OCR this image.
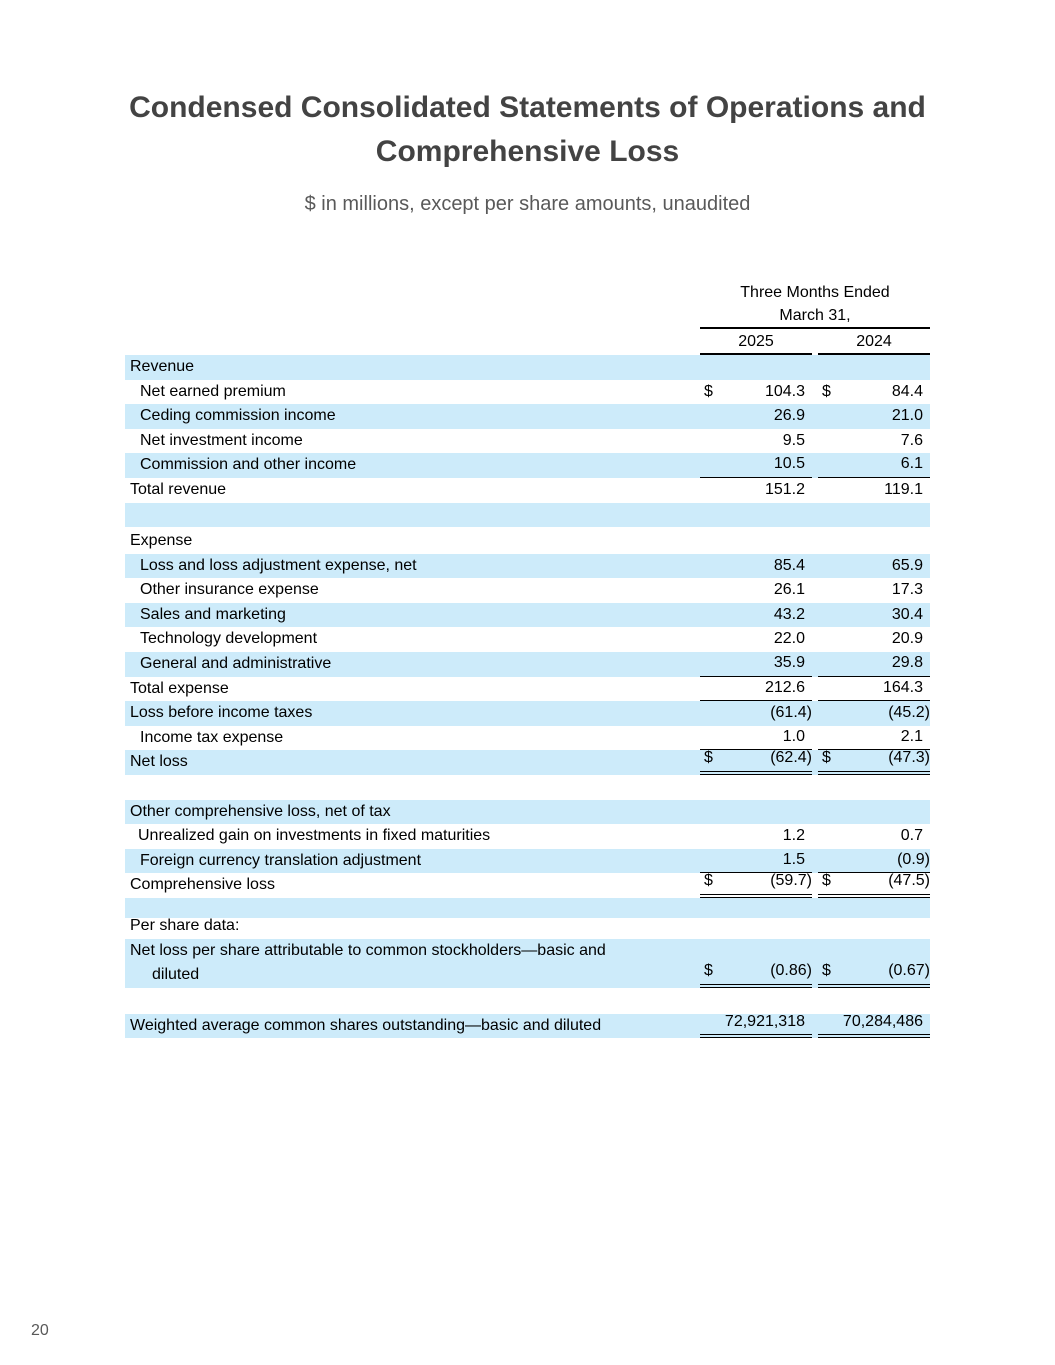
Condensed Consolidated Statements of Operations and
Comprehensive Loss
$ in millions, except per share amounts, unaudited
Three Months Ended
March 31,
2025	2024
Revenue
Net earned premium	$	104.3 $	84.4
Ceding commission income	26.9	21.0
Net investment income	9.5	7.6
Commission and other income	10.5	6.1
Total revenue	151.2	119.1
Expense
Loss and loss adjustment expense, net	85.4	65.9
Other insurance expense	26.1	17.3
Sales and marketing	43.2	30.4
Technology development	22.0	20.9
General and administrative	35.9	29.8
Total expense	212.6	164.3
Loss before income taxes	(61.4)	(45.2)
Income tax expense	1.0	2.1
Net loss	$	(62.4) $	(47.3)
Other comprehensive loss, net of tax
Unrealized gain on investments in fixed maturities	1.2	0.7
Foreign currency translation adjustment	1.5	(0.9)
Comprehensive loss	$	(59.7) $	(47.5)
Per share data:
Net loss per share attributable to common stockholders—basic and
diluted	$	(0.86) $	(0.67)
Weighted average common shares outstanding—basic and diluted	72,921,318 70,284,486
20
